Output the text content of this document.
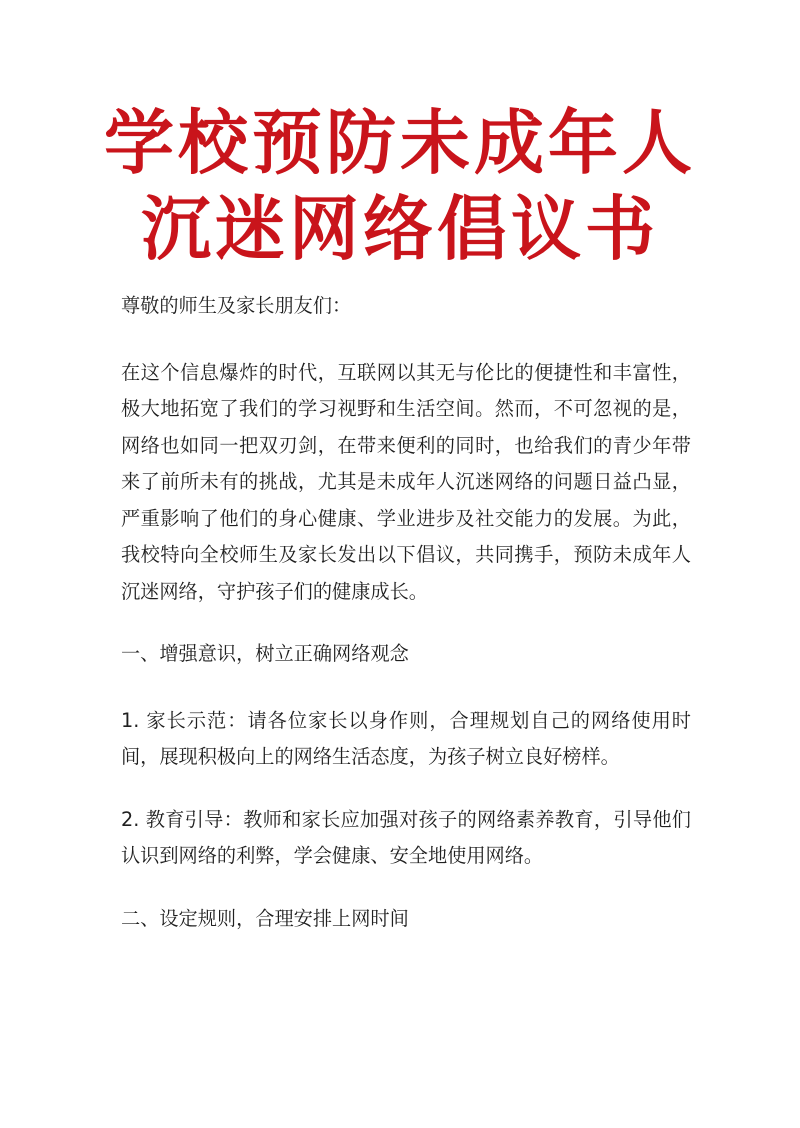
学校预防未成年人
沉迷网络倡议书

尊敬的师生及家长朋友们：

在这个信息爆炸的时代，互联网以其无与伦比的便捷性和丰富性，极大地拓宽了我们的学习视野和生活空间。然而，不可忽视的是，网络也如同一把双刃剑，在带来便利的同时，也给我们的青少年带来了前所未有的挑战，尤其是未成年人沉迷网络的问题日益凸显，严重影响了他们的身心健康、学业进步及社交能力的发展。为此，我校特向全校师生及家长发出以下倡议，共同携手，预防未成年人沉迷网络，守护孩子们的健康成长。

一、增强意识，树立正确网络观念

1. 家长示范：请各位家长以身作则，合理规划自己的网络使用时间，展现积极向上的网络生活态度，为孩子树立良好榜样。

2. 教育引导：教师和家长应加强对孩子的网络素养教育，引导他们认识到网络的利弊，学会健康、安全地使用网络。

二、设定规则，合理安排上网时间
